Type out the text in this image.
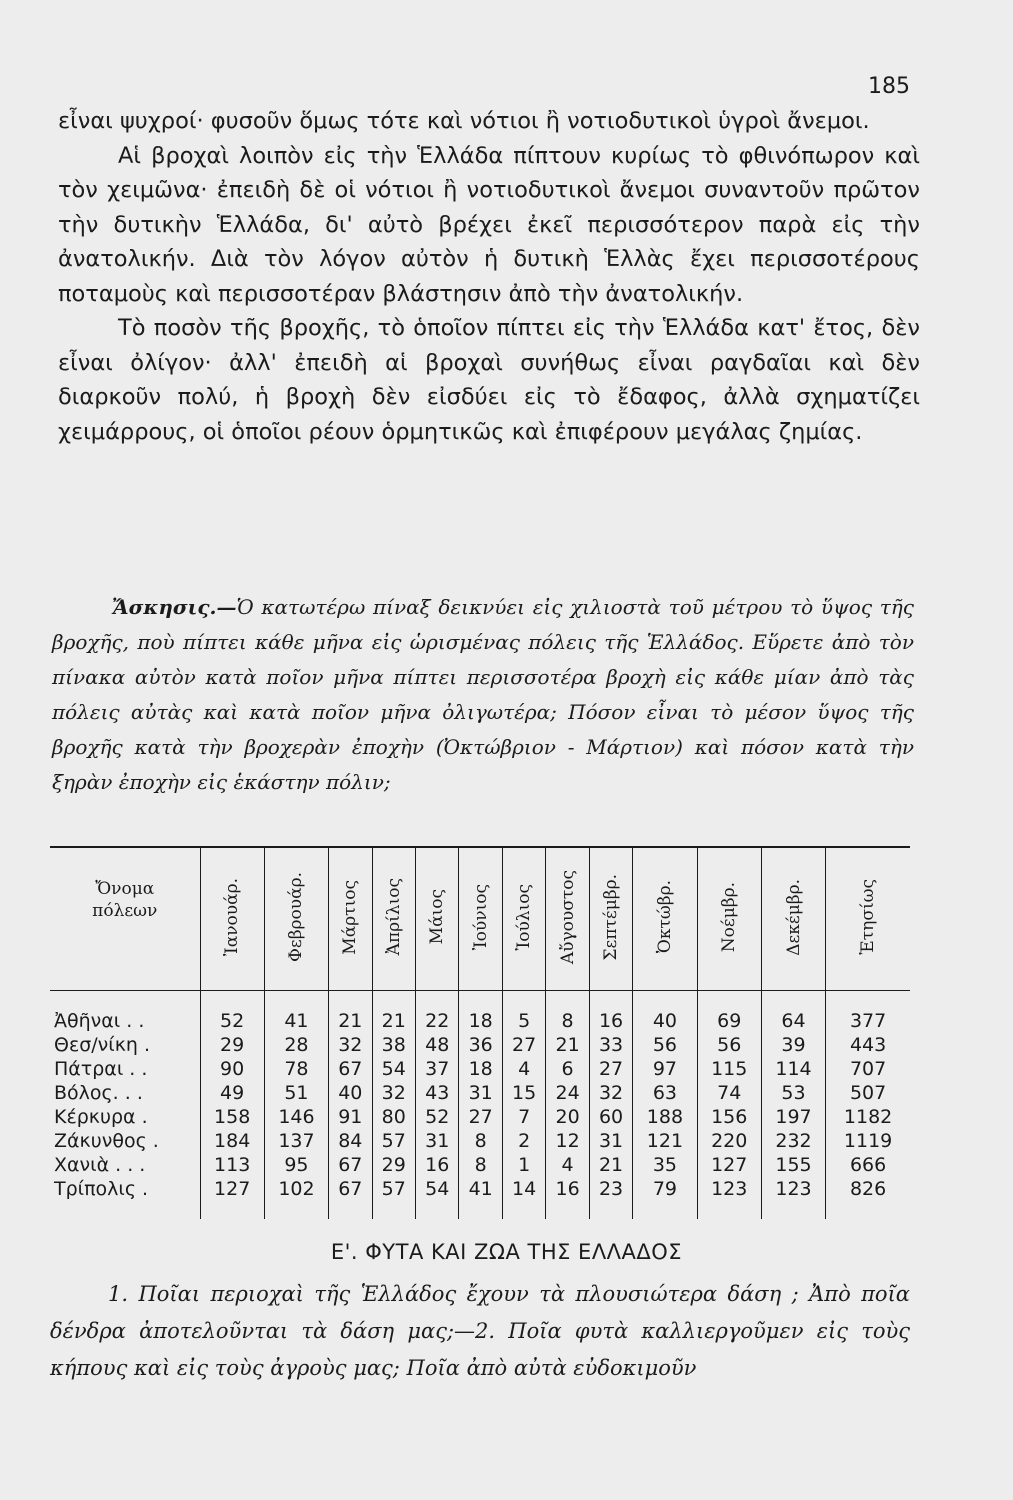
185

εἶναι ψυχροί· φυσοῦν ὅμως τότε καὶ νότιοι ἢ νοτιοδυτικοὶ ὑγροὶ ἄνεμοι.

Αἱ βροχαὶ λοιπὸν εἰς τὴν Ἑλλάδα πίπτουν κυρίως τὸ φθινόπωρον καὶ τὸν χειμῶνα· ἐπειδὴ δὲ οἱ νότιοι ἢ νοτιοδυτικοὶ ἄνεμοι συναντοῦν πρῶτον τὴν δυτικὴν Ἑλλάδα, δι' αὐτὸ βρέχει ἐκεῖ περισσότερον παρὰ εἰς τὴν ἀνατολικήν. Διὰ τὸν λόγον αὐτὸν ἡ δυτικὴ Ἑλλὰς ἔχει περισσοτέρους ποταμοὺς καὶ περισσοτέραν βλάστησιν ἀπὸ τὴν ἀνατολικήν.

Τὸ ποσὸν τῆς βροχῆς, τὸ ὁποῖον πίπτει εἰς τὴν Ἑλλάδα κατ' ἔτος, δὲν εἶναι ὀλίγον· ἀλλ' ἐπειδὴ αἱ βροχαὶ συνήθως εἶναι ραγδαῖαι καὶ δὲν διαρκοῦν πολύ, ἡ βροχὴ δὲν εἰσδύει εἰς τὸ ἔδαφος, ἀλλὰ σχηματίζει χειμάρρους, οἱ ὁποῖοι ρέουν ὁρμητικῶς καὶ ἐπιφέρουν μεγάλας ζημίας.

Ἄσκησις.—Ὁ κατωτέρω πίναξ δεικνύει εἰς χιλιοστὰ τοῦ μέτρου τὸ ὕψος τῆς βροχῆς, ποὺ πίπτει κάθε μῆνα εἰς ὡρισμένας πόλεις τῆς Ἑλλάδος. Εὕρετε ἀπὸ τὸν πίνακα αὐτὸν κατὰ ποῖον μῆνα πίπτει περισσοτέρα βροχὴ εἰς κάθε μίαν ἀπὸ τὰς πόλεις αὐτὰς καὶ κατὰ ποῖον μῆνα ὀλιγωτέρα; Πόσον εἶναι τὸ μέσον ὕψος τῆς βροχῆς κατὰ τὴν βροχερὰν ἐποχὴν (Ὀκτώβριον - Μάρτιον) καὶ πόσον κατὰ τὴν ξηρὰν ἐποχὴν εἰς ἑκάστην πόλιν;

Ὄνομα
πόλεων	Ἰανουάρ.	Φεβρουάρ.	Μάρτιος	Ἀπρίλιος	Μάιος	Ἰούνιος	Ἰούλιος	Αὔγουστος	Σεπτέμβρ.	Ὀκτώβρ.	Νοέμβρ.	Δεκέμβρ.	Ἐτησίως
Ἀθῆναι . .	52	41	21	21	22	18	5	8	16	40	69	64	377
Θεσ/νίκη .	29	28	32	38	48	36	27	21	33	56	56	39	443
Πάτραι . .	90	78	67	54	37	18	4	6	27	97	115	114	707
Βόλος. . .	49	51	40	32	43	31	15	24	32	63	74	53	507
Κέρκυρα .	158	146	91	80	52	27	7	20	60	188	156	197	1182
Ζάκυνθος .	184	137	84	57	31	8	2	12	31	121	220	232	1119
Χανιὰ . . .	113	95	67	29	16	8	1	4	21	35	127	155	666
Τρίπολις .	127	102	67	57	54	41	14	16	23	79	123	123	826
Ε'. ΦΥΤΑ ΚΑΙ ΖΩΑ ΤΗΣ ΕΛΛΑΔΟΣ

1. Ποῖαι περιοχαὶ τῆς Ἑλλάδος ἔχουν τὰ πλουσιώτερα δάση ; Ἀπὸ ποῖα δένδρα ἀποτελοῦνται τὰ δάση μας;—2. Ποῖα φυτὰ καλλιεργοῦμεν εἰς τοὺς κήπους καὶ εἰς τοὺς ἀγροὺς μας; Ποῖα ἀπὸ αὐτὰ εὐδοκιμοῦν
